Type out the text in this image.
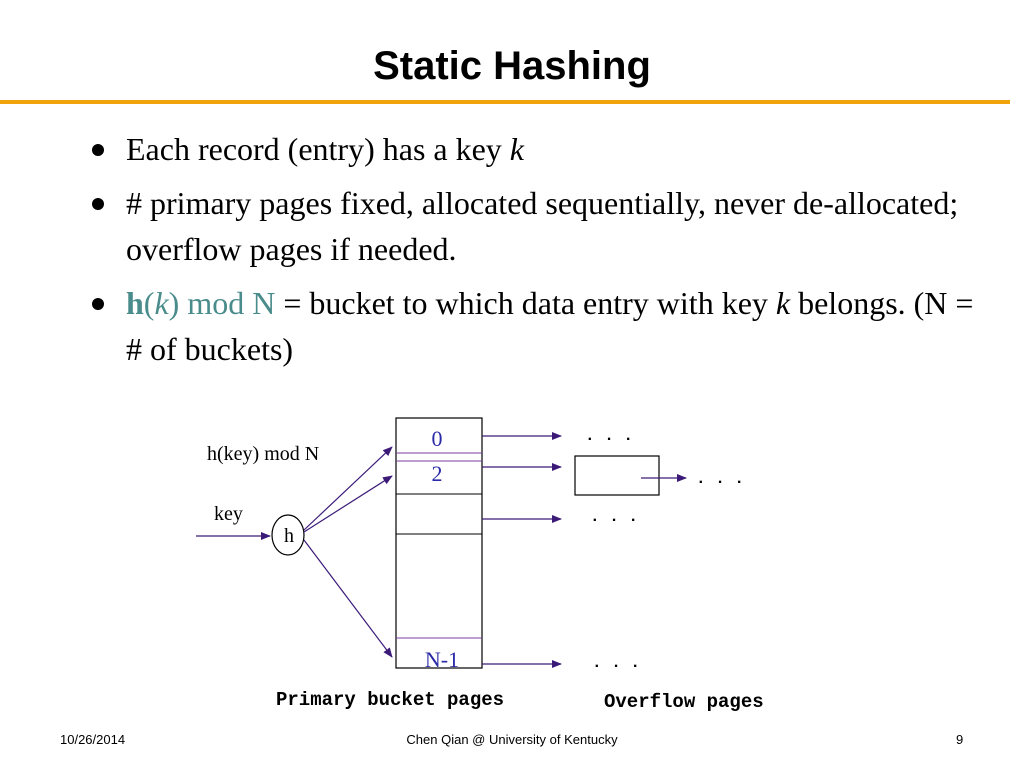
Static Hashing
Each record (entry) has a key k
# primary pages fixed, allocated sequentially, never de-allocated; overflow pages if needed.
h(k) mod N = bucket to which data entry with key k belongs. (N = # of buckets)
0
2
N-1
h(key) mod N
key
h
. . .
. . .
. . .
. . .
Primary bucket pages	Overflow pages
10/26/2014	Chen Qian @ University of Kentucky	9
